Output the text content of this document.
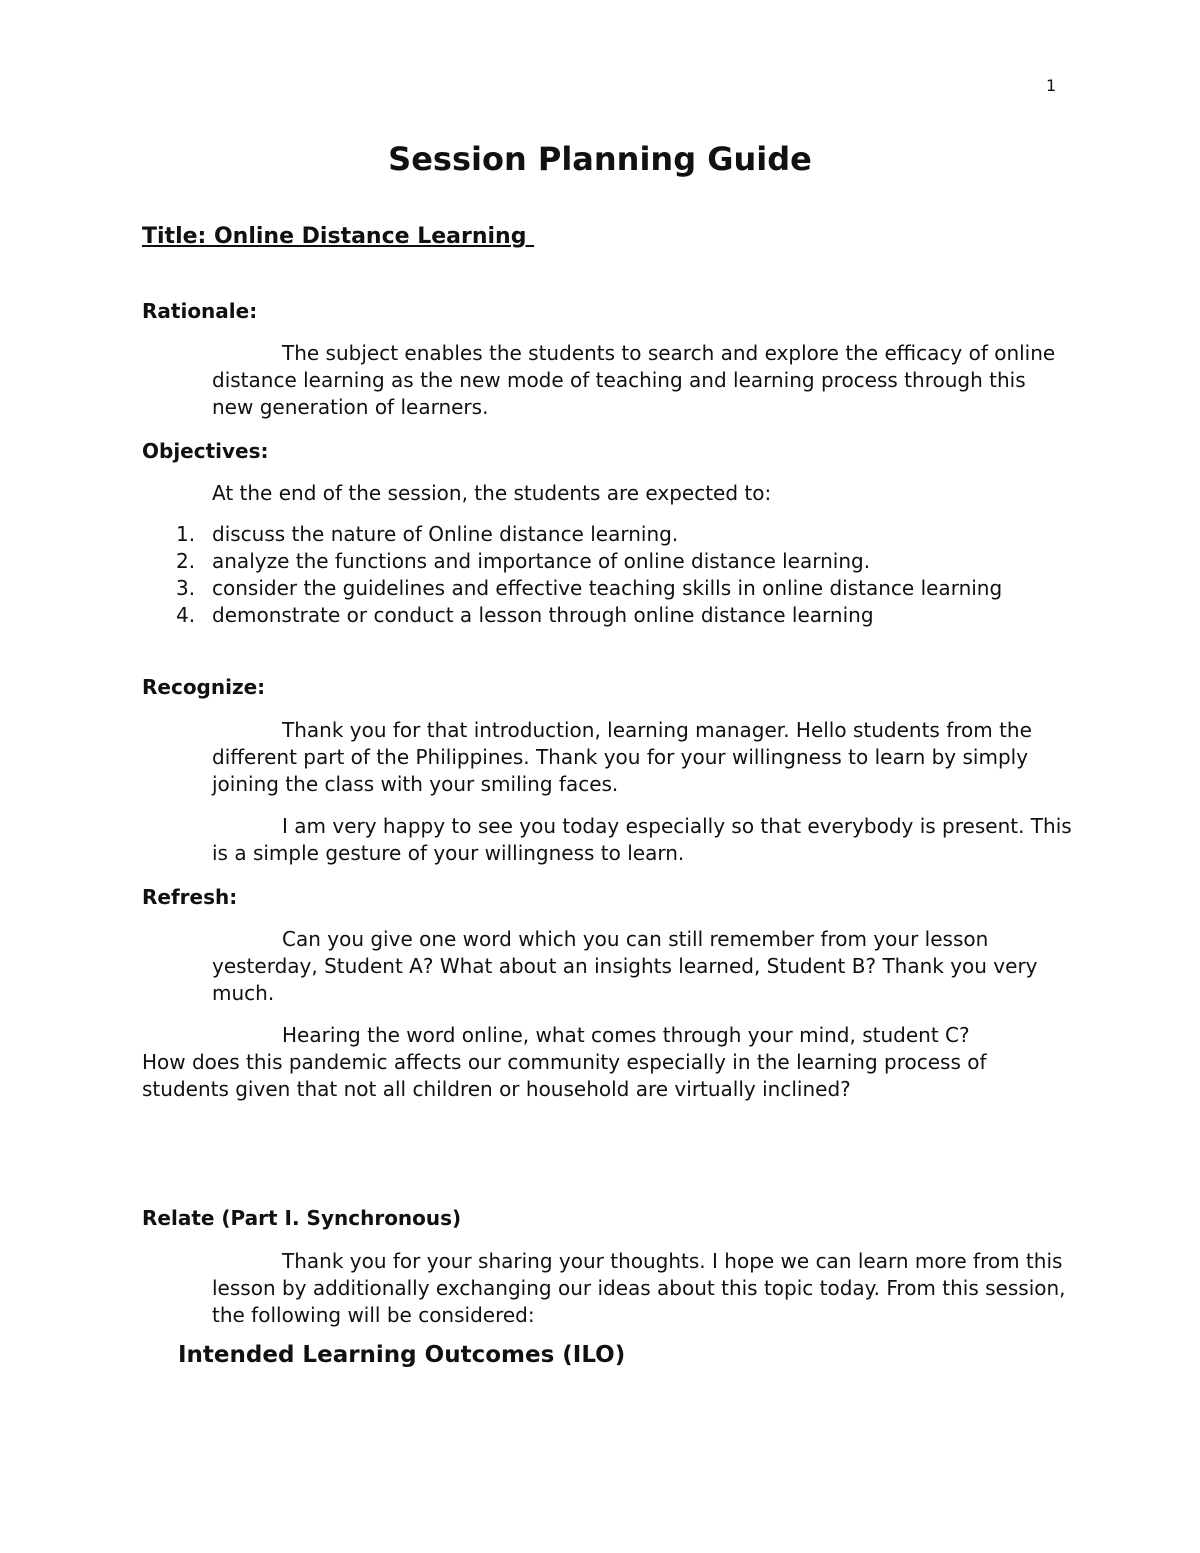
1
Session Planning Guide
Title: Online Distance Learning
Rationale:

The subject enables the students to search and explore the efficacy of online distance learning as the new mode of teaching and learning process through this new generation of learners.

Objectives:
At the end of the session, the students are expected to:
1. discuss the nature of Online distance learning.
2. analyze the functions and importance of online distance learning.
3. consider the guidelines and effective teaching skills in online distance learning
4. demonstrate or conduct a lesson through online distance learning
Recognize:

Thank you for that introduction, learning manager. Hello students from the different part of the Philippines. Thank you for your willingness to learn by simply joining the class with your smiling faces.

I am very happy to see you today especially so that everybody is present. This is a simple gesture of your willingness to learn.

Refresh:

Can you give one word which you can still remember from your lesson yesterday, Student A? What about an insights learned, Student B? Thank you very much.

Hearing the word online, what comes through your mind, student C?
How does this pandemic affects our community especially in the learning process of students given that not all children or household are virtually inclined?
Relate (Part I. Synchronous)

Thank you for your sharing your thoughts. I hope we can learn more from this lesson by additionally exchanging our ideas about this topic today. From this session, the following will be considered:

Intended Learning Outcomes (ILO)
